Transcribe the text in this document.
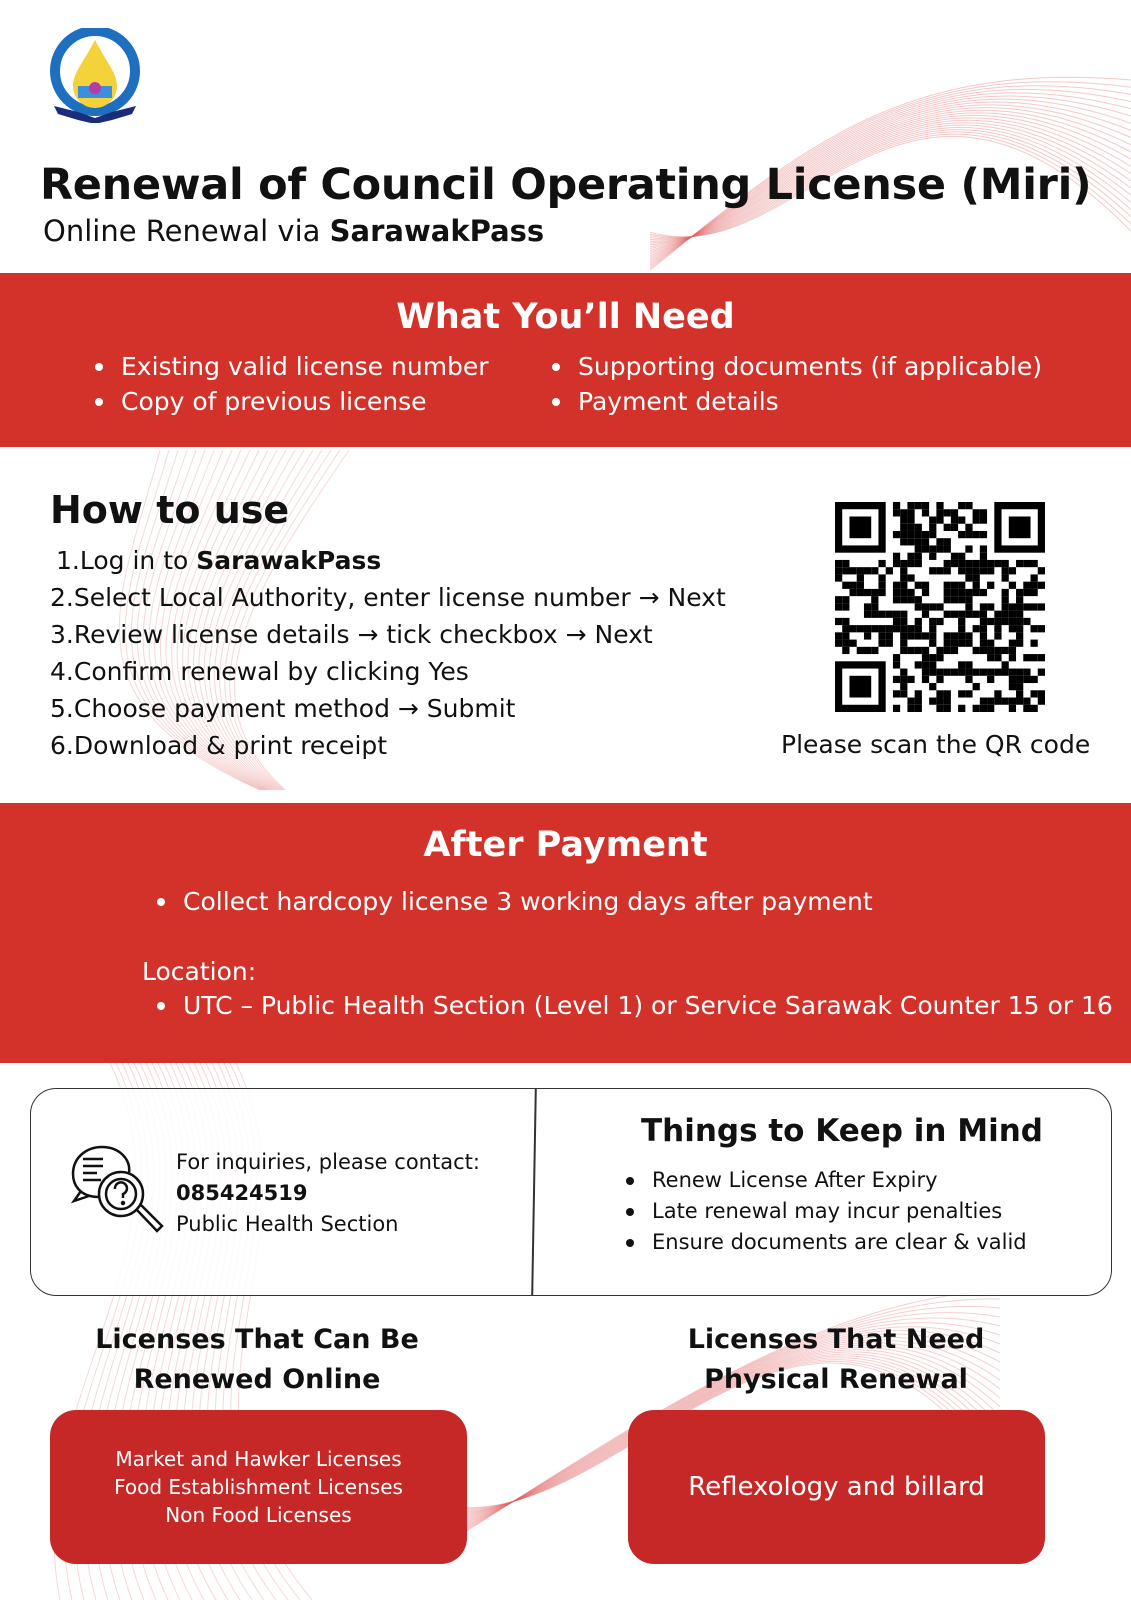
Renewal of Council Operating License (Miri)
Online Renewal via SarawakPass
What You’ll Need
Existing valid license number
Copy of previous license
Supporting documents (if applicable)
Payment details
How to use
1.Log in to SarawakPass
2.Select Local Authority, enter license number → Next
3.Review license details → tick checkbox → Next
4.Confirm renewal by clicking Yes
5.Choose payment method → Submit
6.Download & print receipt	Please scan the QR code
After Payment
Collect hardcopy license 3 working days after payment
Location:
UTC – Public Health Section (Level 1) or Service Sarawak Counter 15 or 16
For inquiries, please contact:
085424519
Public Health Section
Things to Keep in Mind
Renew License After Expiry
Late renewal may incur penalties
Ensure documents are clear & valid
Licenses That Can Be
Renewed Online
Licenses That Need
Physical Renewal
Market and Hawker Licenses
Food Establishment Licenses
Non Food Licenses
Reflexology and billard
